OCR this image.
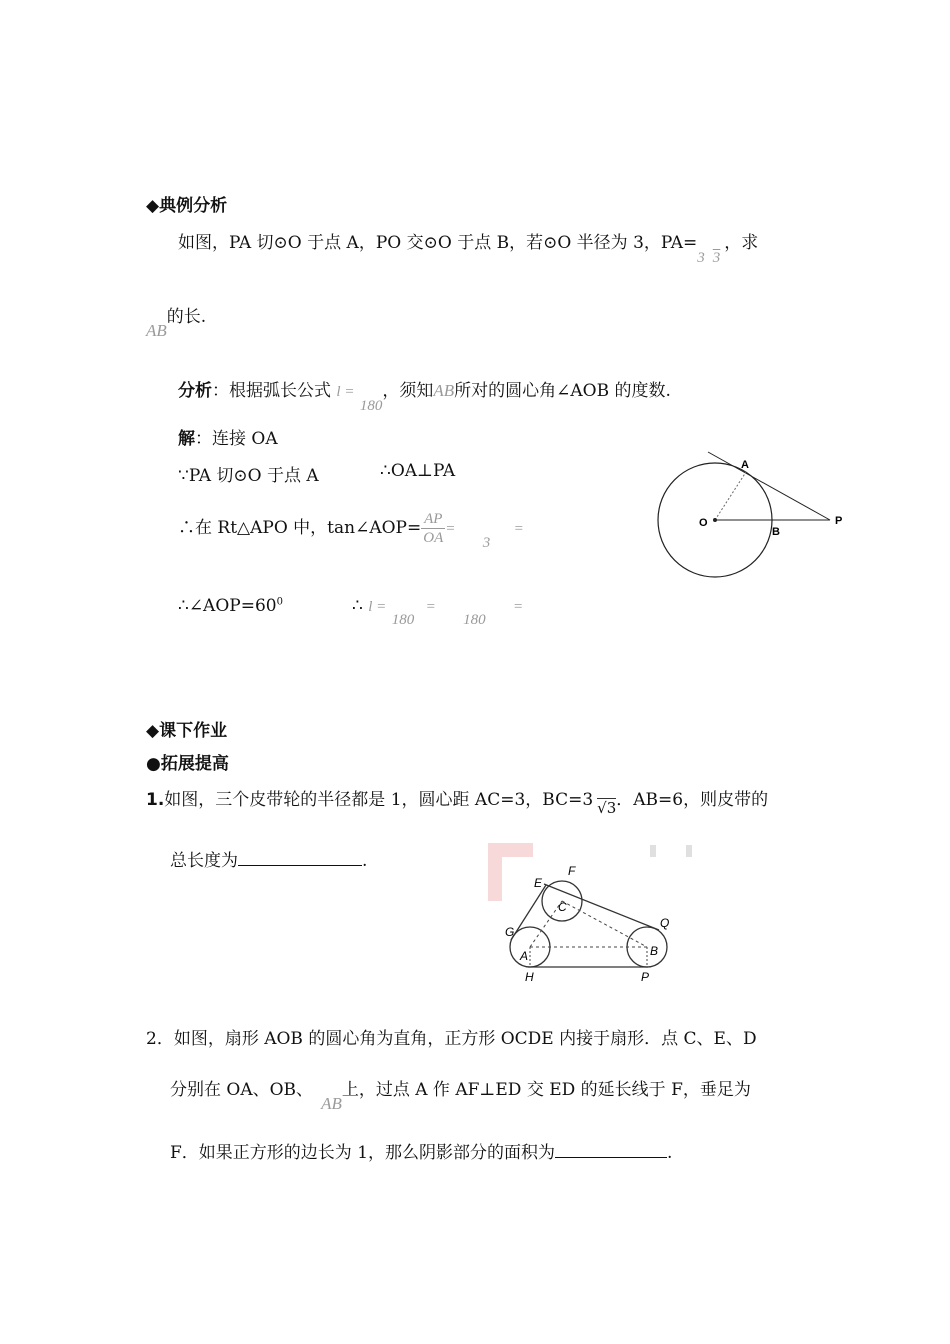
◆典例分析
如图，PA 切⊙O 于点 A，PO 交⊙O 于点 B，若⊙O 半径为 3，PA=3 3，求
AB的长.
分析：根据弧长公式 l = 180，须知AB所对的圆心角∠AOB 的度数.
解：连接 OA
∵PA 切⊙O 于点 A	∴OA⊥PA
∴在 Rt△APO 中，tan∠AOP= $\frac{AP}{OA} = 3$ =
$\therefore\angle AOP=60^0$	∴ l = 180 = 180 =
A
O
B
P
◆课下作业
●拓展提高
1.如图，三个皮带轮的半径都是 1，圆心距 AC=3，BC=3 √3．AB=6，则皮带的
总长度为	.
E
F
C
G
A
H
Q
B
P
2．如图，扇形 AOB 的圆心角为直角，正方形 OCDE 内接于扇形．点 C、E、D
分别在 OA、OB、AB上，过点 A 作 AF⊥ED 交 ED 的延长线于 F，垂足为
F．如果正方形的边长为 1，那么阴影部分的面积为	.
